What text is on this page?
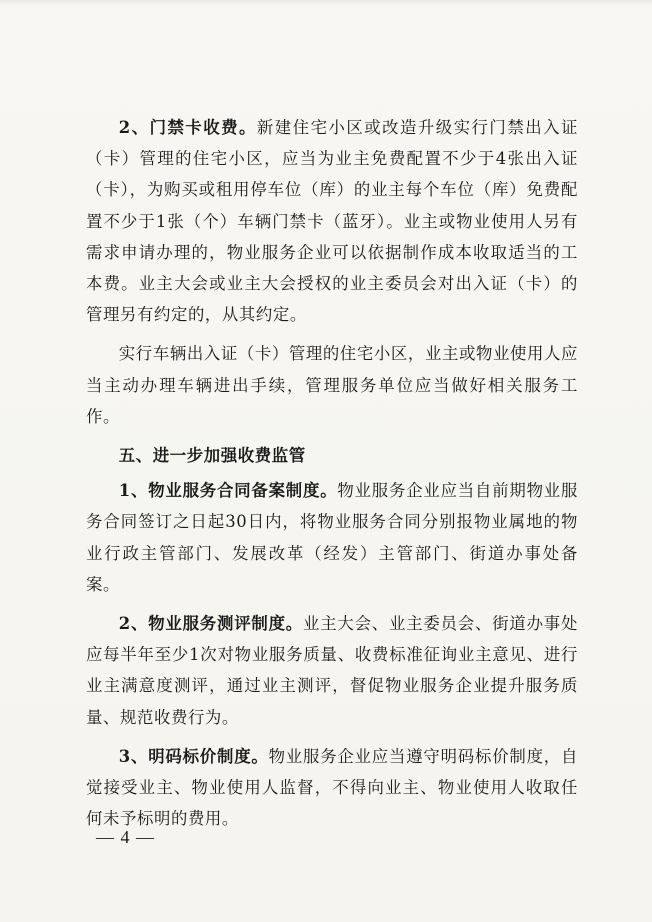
2、门禁卡收费。新建住宅小区或改造升级实行门禁出入证（卡）管理的住宅小区，应当为业主免费配置不少于4张出入证（卡），为购买或租用停车位（库）的业主每个车位（库）免费配置不少于1张（个）车辆门禁卡（蓝牙）。业主或物业使用人另有需求申请办理的，物业服务企业可以依据制作成本收取适当的工本费。业主大会或业主大会授权的业主委员会对出入证（卡）的管理另有约定的，从其约定。

实行车辆出入证（卡）管理的住宅小区，业主或物业使用人应当主动办理车辆进出手续，管理服务单位应当做好相关服务工作。

五、进一步加强收费监管

1、物业服务合同备案制度。物业服务企业应当自前期物业服务合同签订之日起30日内，将物业服务合同分别报物业属地的物业行政主管部门、发展改革（经发）主管部门、街道办事处备案。

2、物业服务测评制度。业主大会、业主委员会、街道办事处应每半年至少1次对物业服务质量、收费标准征询业主意见、进行业主满意度测评，通过业主测评，督促物业服务企业提升服务质量、规范收费行为。

3、明码标价制度。物业服务企业应当遵守明码标价制度，自觉接受业主、物业使用人监督，不得向业主、物业使用人收取任何未予标明的费用。

— 4 —
